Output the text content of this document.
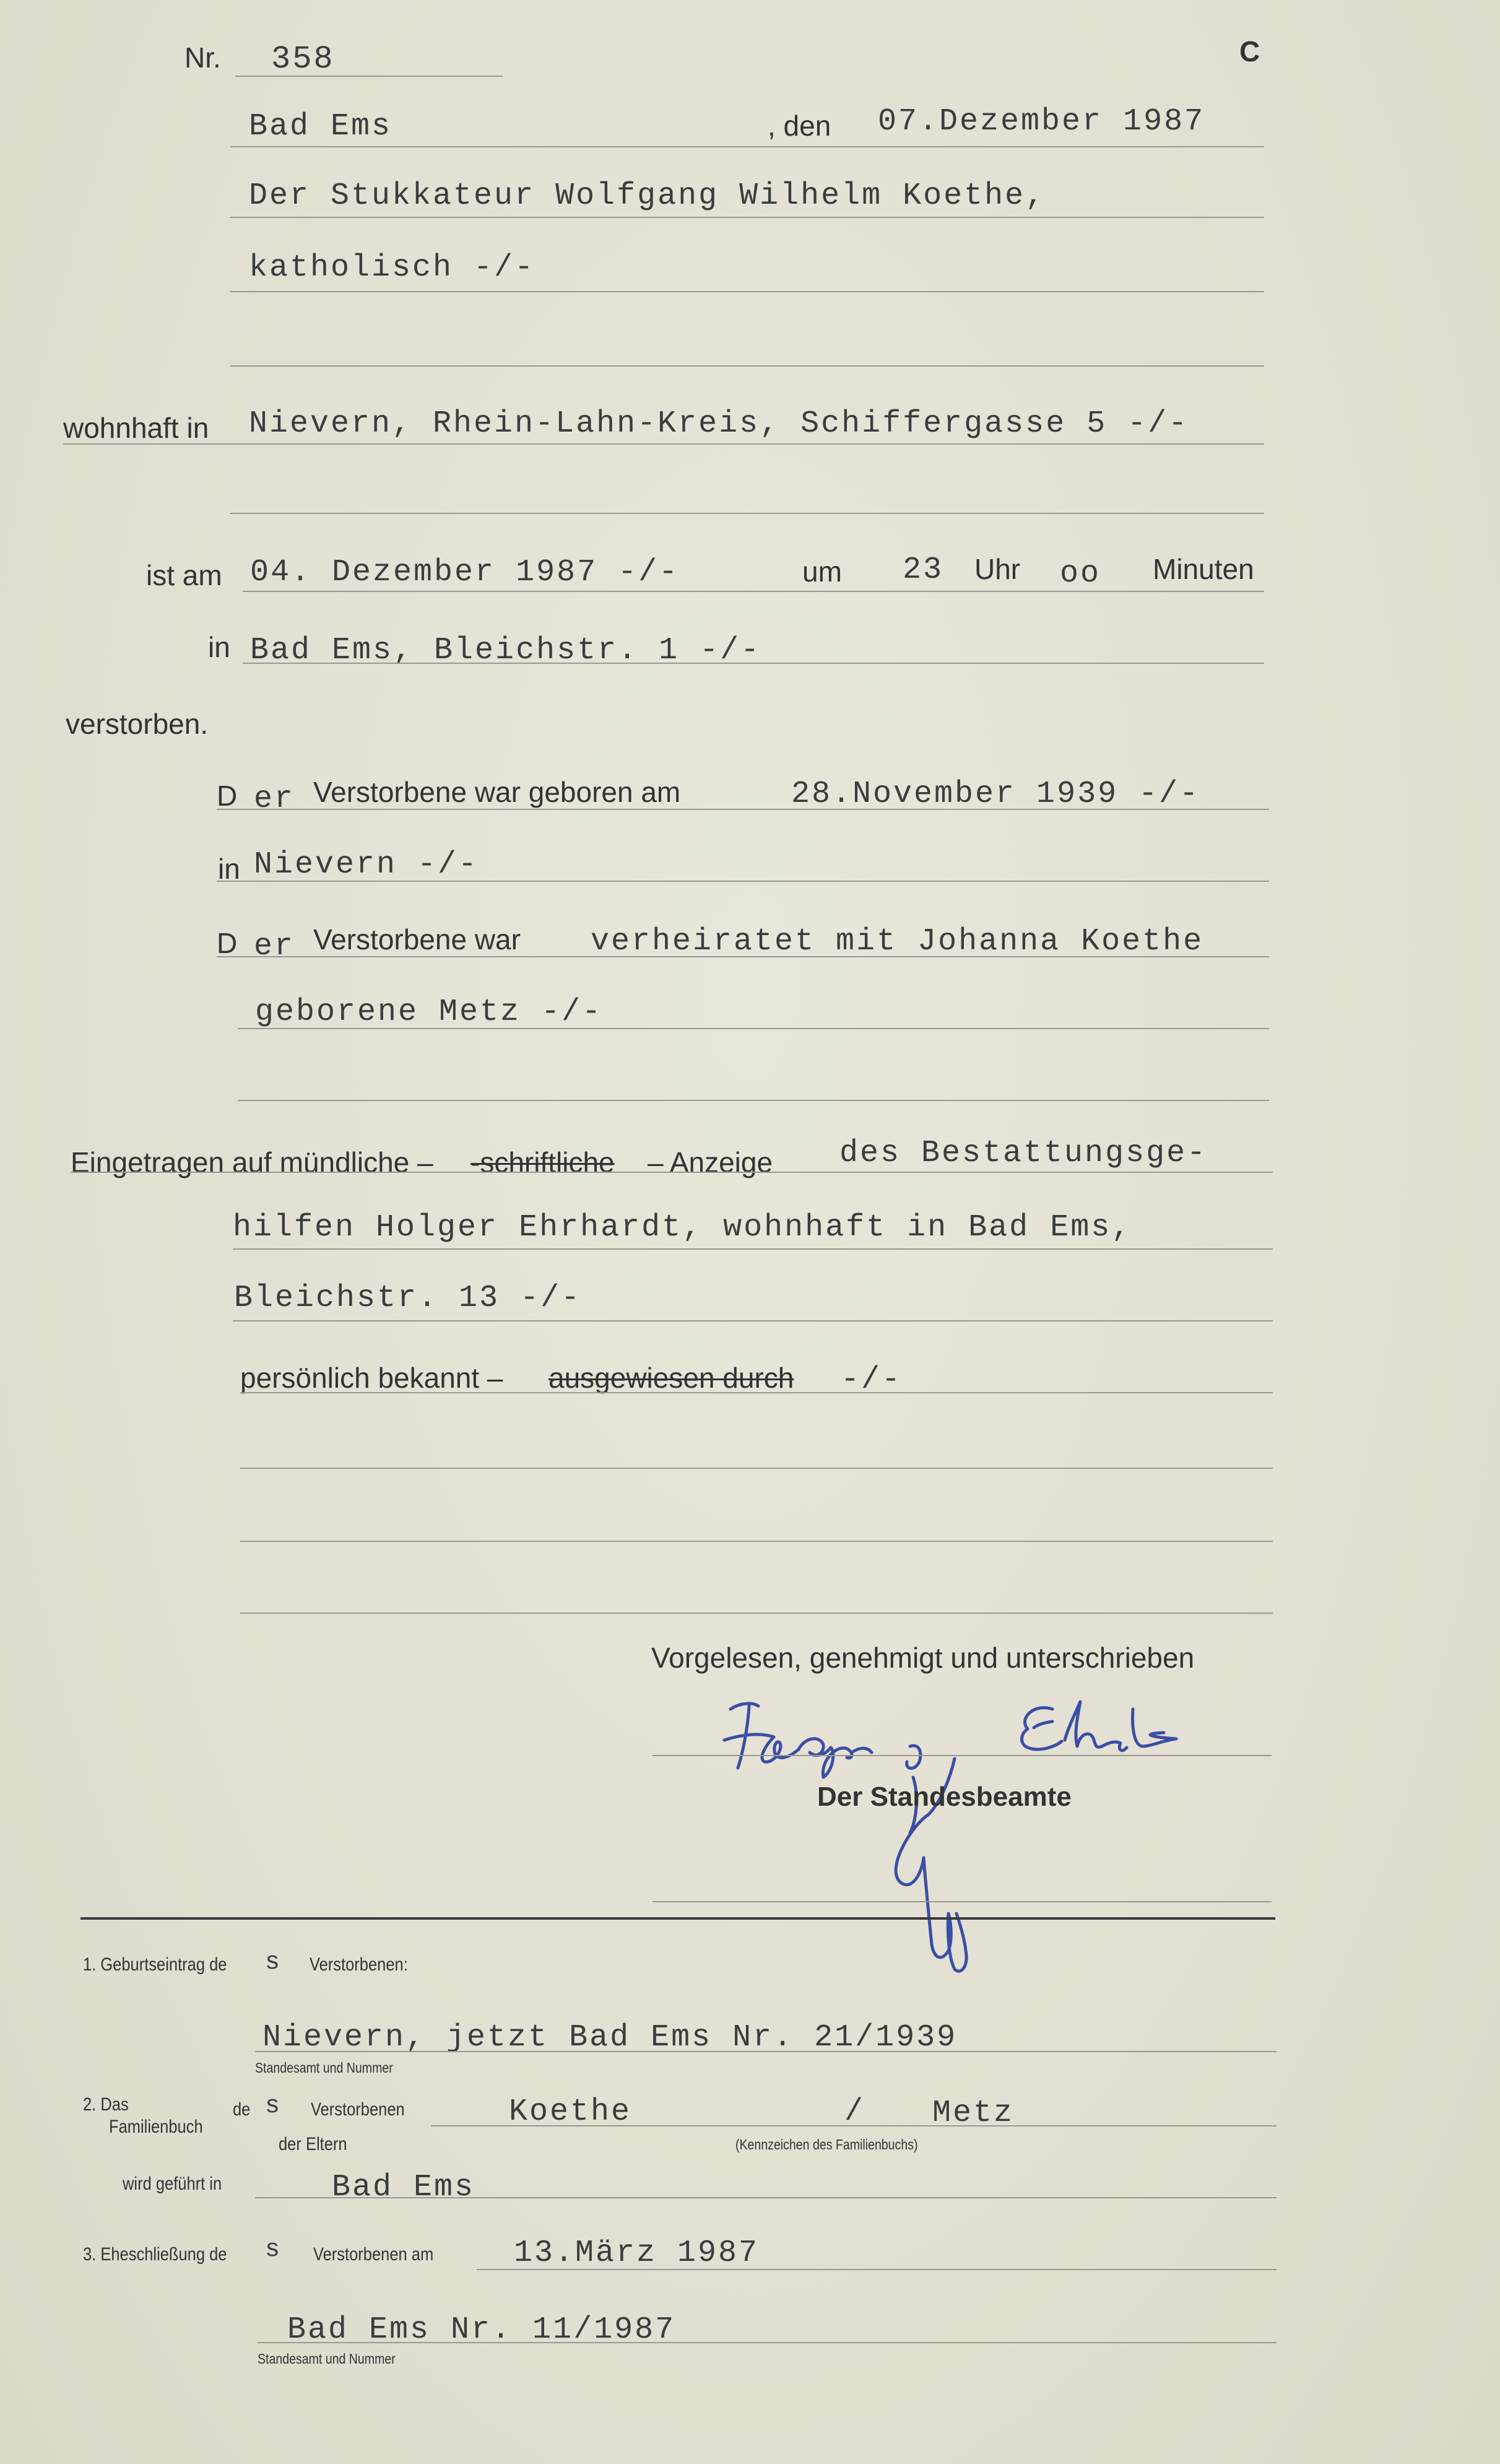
Nr. 358	C
Bad Ems	, den 07.Dezember 1987
Der Stukkateur Wolfgang Wilhelm Koethe,
katholisch -/-
wohnhaft in Nievern, Rhein-Lahn-Kreis, Schiffergasse 5 -/-
ist am 04. Dezember 1987 -/-	um 23 Uhr oo Minuten
in Bad Ems, Bleichstr. 1 -/-
verstorben.
D er Verstorbene war geboren am	28.November 1939 -/-
in Nievern -/-
D er Verstorbene war verheiratet mit Johanna Koethe
geborene Metz -/-
Eingetragen auf mündliche – -schriftliche – Anzeige des Bestattungsge-
hilfen Holger Ehrhardt, wohnhaft in Bad Ems,
Bleichstr. 13 -/-
persönlich bekannt – ausgewiesen durch -/-
Vorgelesen, genehmigt und unterschrieben
Der Standesbeamte
1. Geburtseintrag de s Verstorbenen:
Nievern, jetzt Bad Ems Nr. 21/1939
Standesamt und Nummer
2. Das
Familienbuch
de s Verstorbenen
der Eltern
Koethe	/ Metz
(Kennzeichen des Familienbuchs)
wird geführt in	Bad Ems
3. Eheschließung de s Verstorbenen am	13.März 1987
Bad Ems Nr. 11/1987
Standesamt und Nummer
